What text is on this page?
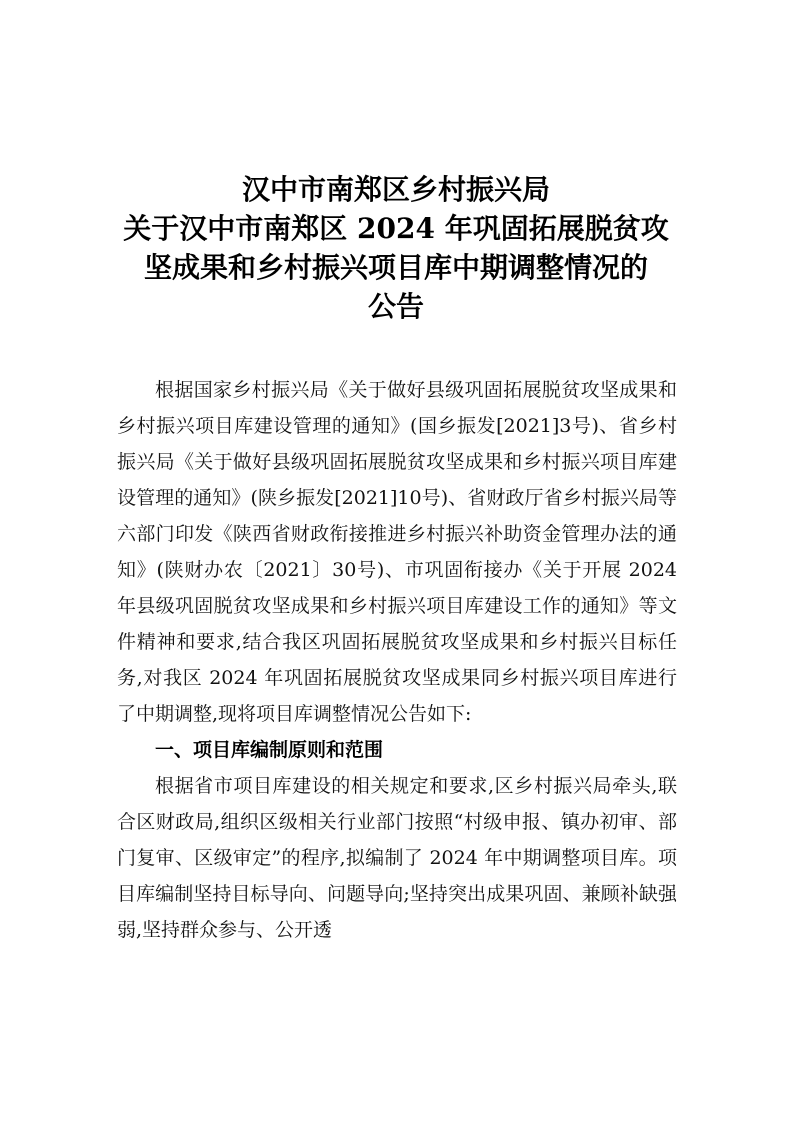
汉中市南郑区乡村振兴局
关于汉中市南郑区 2024 年巩固拓展脱贫攻
坚成果和乡村振兴项目库中期调整情况的
公告

根据国家乡村振兴局《关于做好县级巩固拓展脱贫攻坚成果和乡村振兴项目库建设管理的通知》(国乡振发[2021]3号)、省乡村振兴局《关于做好县级巩固拓展脱贫攻坚成果和乡村振兴项目库建设管理的通知》(陕乡振发[2021]10号)、省财政厅省乡村振兴局等六部门印发《陕西省财政衔接推进乡村振兴补助资金管理办法的通知》(陕财办农〔2021〕30号)、市巩固衔接办《关于开展 2024 年县级巩固脱贫攻坚成果和乡村振兴项目库建设工作的通知》等文件精神和要求,结合我区巩固拓展脱贫攻坚成果和乡村振兴目标任务,对我区 2024 年巩固拓展脱贫攻坚成果同乡村振兴项目库进行了中期调整,现将项目库调整情况公告如下:

一、项目库编制原则和范围

根据省市项目库建设的相关规定和要求,区乡村振兴局牵头,联合区财政局,组织区级相关行业部门按照“村级申报、镇办初审、部门复审、区级审定”的程序,拟编制了 2024 年中期调整项目库。项目库编制坚持目标导向、问题导向;坚持突出成果巩固、兼顾补缺强弱,坚持群众参与、公开透
